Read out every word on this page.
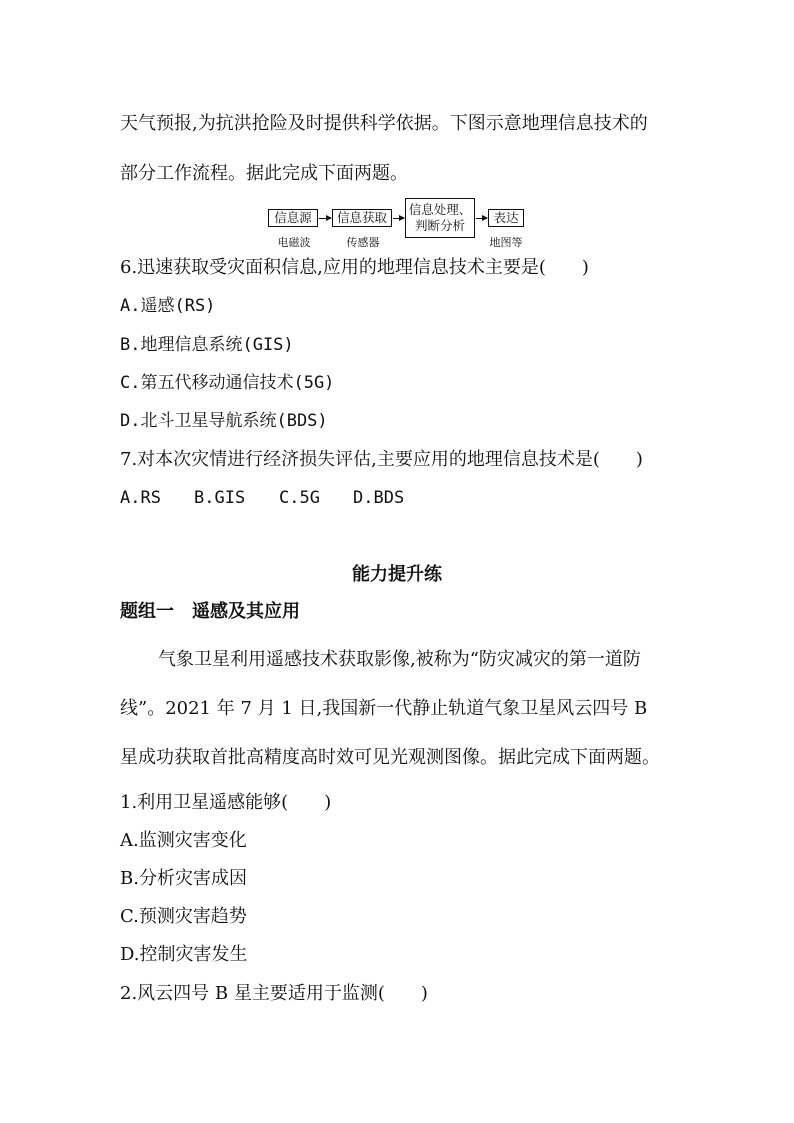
天气预报,为抗洪抢险及时提供科学依据。下图示意地理信息技术的
部分工作流程。据此完成下面两题。
信息源	信息获取
信息处理、
判断分析
表达
电磁波	传感器	地图等
6.迅速获取受灾面积信息,应用的地理信息技术主要是(　　)
A.遥感(RS)
B.地理信息系统(GIS)
C.第五代移动通信技术(5G)
D.北斗卫星导航系统(BDS)
7.对本次灾情进行经济损失评估,主要应用的地理信息技术是(　　)
A.RS B.GIS C.5G D.BDS
能力提升练
题组一　遥感及其应用
气象卫星利用遥感技术获取影像,被称为“防灾减灾的第一道防
线”。2021 年 7 月 1 日,我国新一代静止轨道气象卫星风云四号 B
星成功获取首批高精度高时效可见光观测图像。据此完成下面两题。
1.利用卫星遥感能够(　　)
A.监测灾害变化
B.分析灾害成因
C.预测灾害趋势
D.控制灾害发生
2.风云四号 B 星主要适用于监测(　　)
